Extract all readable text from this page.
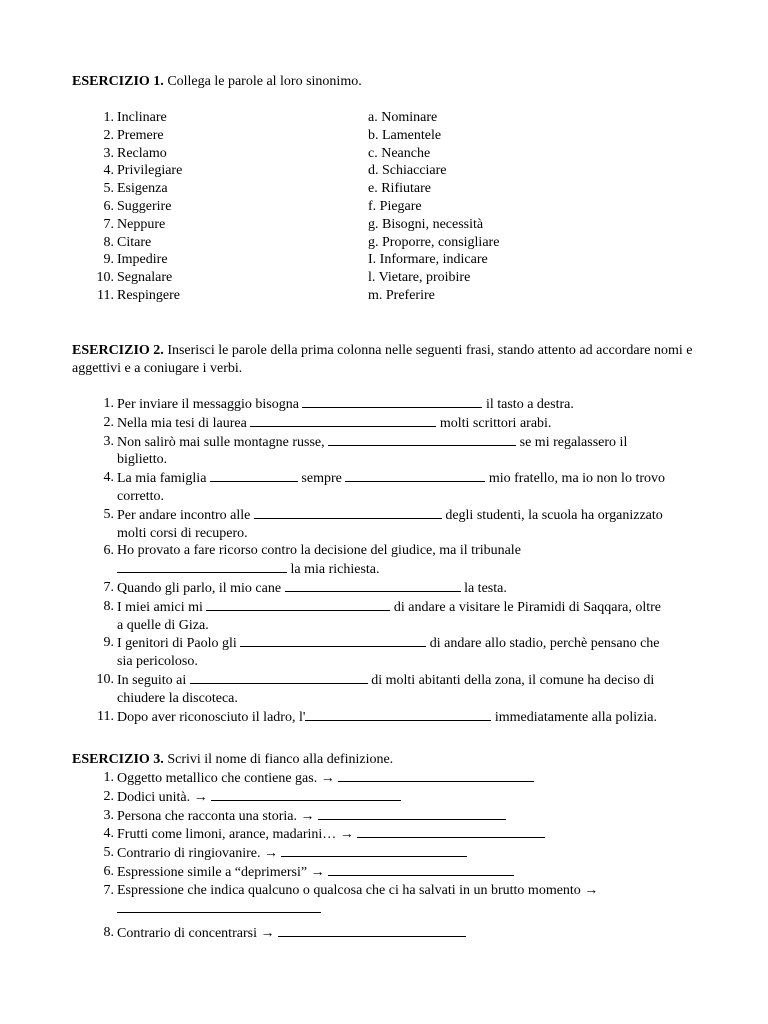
ESERCIZIO 1. Collega le parole al loro sinonimo.
1. Inclinare	a. Nominare
2. Premere	b. Lamentele
3. Reclamo	c. Neanche
4. Privilegiare	d. Schiacciare
5. Esigenza	e. Rifiutare
6. Suggerire	f. Piegare
7. Neppure	g. Bisogni, necessità
8. Citare	g. Proporre, consigliare
9. Impedire	I. Informare, indicare
10. Segnalare	l. Vietare, proibire
11. Respingere	m. Preferire
ESERCIZIO 2. Inserisci le parole della prima colonna nelle seguenti frasi, stando attento ad accordare nomi e aggettivi e a coniugare i verbi.
1. Per inviare il messaggio bisogna	il tasto a destra.
2. Nella mia tesi di laurea	molti scrittori arabi.
3. Non salirò mai sulle montagne russe,	se mi regalassero il
biglietto.
4. La mia famiglia	sempre	mio fratello, ma io non lo trovo
corretto.
5. Per andare incontro alle	degli studenti, la scuola ha organizzato
molti corsi di recupero.
6. Ho provato a fare ricorso contro la decisione del giudice, ma il tribunale
la mia richiesta.
7. Quando gli parlo, il mio cane	la testa.
8. I miei amici mi	di andare a visitare le Piramidi di Saqqara, oltre
a quelle di Giza.
9. I genitori di Paolo gli	di andare allo stadio, perchè pensano che
sia pericoloso.
10. In seguito ai	di molti abitanti della zona, il comune ha deciso di
chiudere la discoteca.
11. Dopo aver riconosciuto il ladro, l'	immediatamente alla polizia.
ESERCIZIO 3. Scrivi il nome di fianco alla definizione.
1. Oggetto metallico che contiene gas. →
2. Dodici unità. →
3. Persona che racconta una storia. →
4. Frutti come limoni, arance, madarini… →
5. Contrario di ringiovanire. →
6. Espressione simile a “deprimersi” →
7. Espressione che indica qualcuno o qualcosa che ci ha salvati in un brutto momento →

8. Contrario di concentrarsi →
